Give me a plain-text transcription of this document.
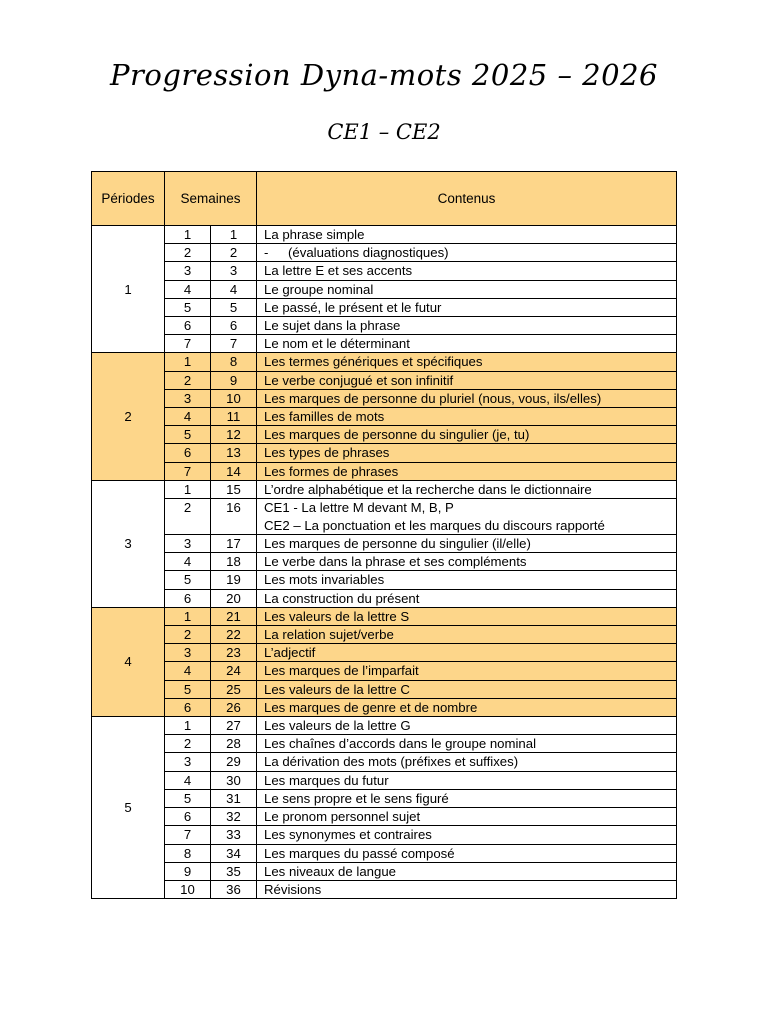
Progression Dyna-mots 2025 – 2026
CE1 – CE2
Périodes	Semaines		Contenus
1	1	1	La phrase simple
	2	2	- (évaluations diagnostiques)
	3	3	La lettre E et ses accents
	4	4	Le groupe nominal
	5	5	Le passé, le présent et le futur
	6	6	Le sujet dans la phrase
	7	7	Le nom et le déterminant
2	1	8	Les termes génériques et spécifiques
	2	9	Le verbe conjugué et son infinitif
	3	10	Les marques de personne du pluriel (nous, vous, ils/elles)
	4	11	Les familles de mots
	5	12	Les marques de personne du singulier (je, tu)
	6	13	Les types de phrases
	7	14	Les formes de phrases
3	1	15	L’ordre alphabétique et la recherche dans le dictionnaire
	2	16	CE1 - La lettre M devant M, B, P
CE2 – La ponctuation et les marques du discours rapporté

	3	17	Les marques de personne du singulier (il/elle)
	4	18	Le verbe dans la phrase et ses compléments
	5	19	Les mots invariables
	6	20	La construction du présent
4	1	21	Les valeurs de la lettre S
	2	22	La relation sujet/verbe
	3	23	L’adjectif
	4	24	Les marques de l’imparfait
	5	25	Les valeurs de la lettre C
	6	26	Les marques de genre et de nombre
5	1	27	Les valeurs de la lettre G
	2	28	Les chaînes d’accords dans le groupe nominal
	3	29	La dérivation des mots (préfixes et suffixes)
	4	30	Les marques du futur
	5	31	Le sens propre et le sens figuré
	6	32	Le pronom personnel sujet
	7	33	Les synonymes et contraires
	8	34	Les marques du passé composé
	9	35	Les niveaux de langue
	10	36	Révisions
